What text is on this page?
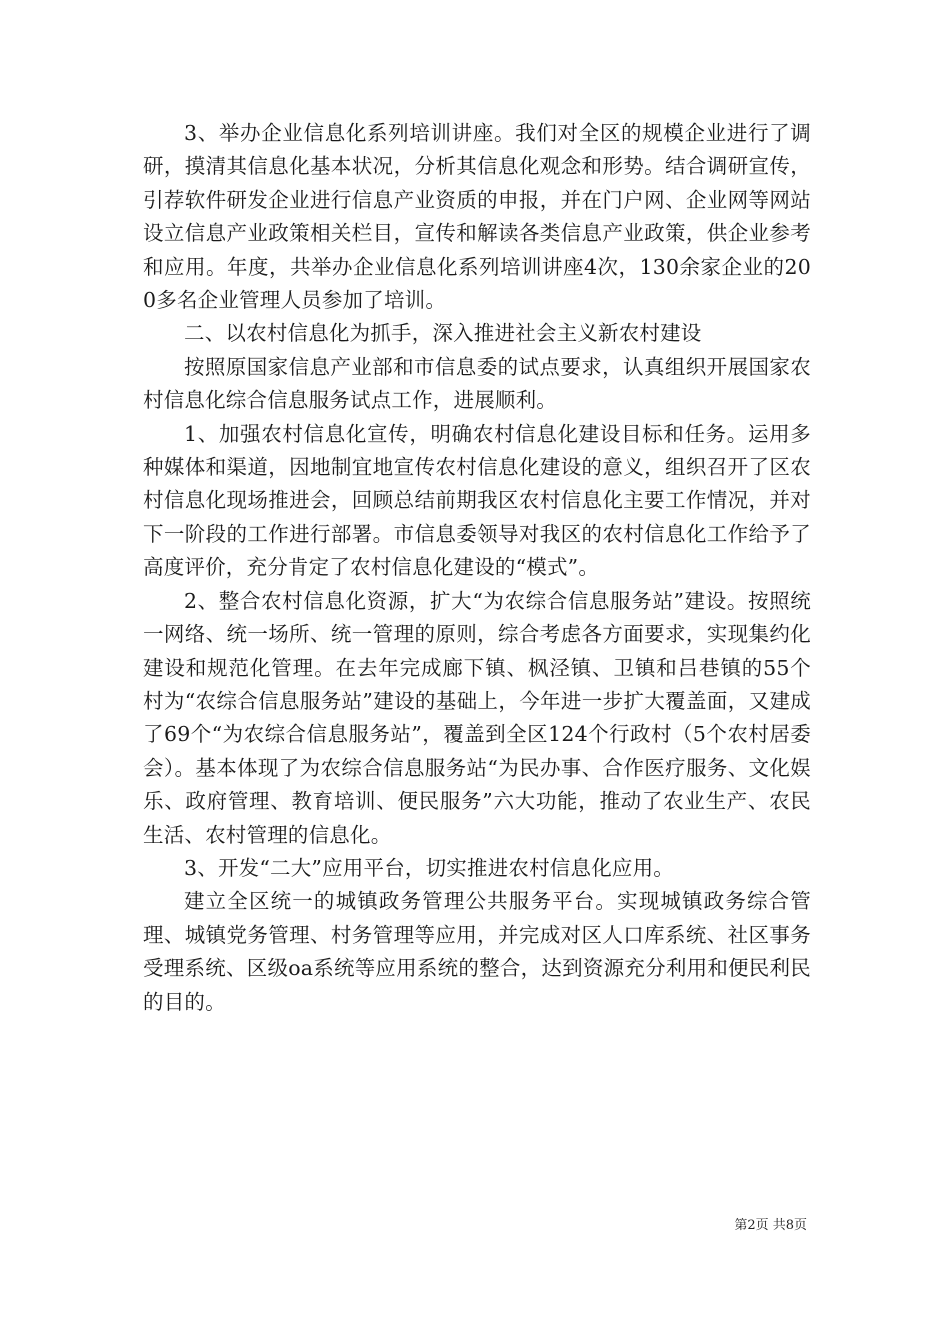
3、举办企业信息化系列培训讲座。我们对全区的规模企业进行了调研，摸清其信息化基本状况，分析其信息化观念和形势。结合调研宣传，引荐软件研发企业进行信息产业资质的申报，并在门户网、企业网等网站设立信息产业政策相关栏目，宣传和解读各类信息产业政策，供企业参考和应用。年度，共举办企业信息化系列培训讲座4次，130余家企业的200多名企业管理人员参加了培训。

二、以农村信息化为抓手，深入推进社会主义新农村建设

按照原国家信息产业部和市信息委的试点要求，认真组织开展国家农村信息化综合信息服务试点工作，进展顺利。

1、加强农村信息化宣传，明确农村信息化建设目标和任务。运用多种媒体和渠道，因地制宜地宣传农村信息化建设的意义，组织召开了区农村信息化现场推进会，回顾总结前期我区农村信息化主要工作情况，并对下一阶段的工作进行部署。市信息委领导对我区的农村信息化工作给予了高度评价，充分肯定了农村信息化建设的“模式”。

2、整合农村信息化资源，扩大“为农综合信息服务站”建设。按照统一网络、统一场所、统一管理的原则，综合考虑各方面要求，实现集约化建设和规范化管理。在去年完成廊下镇、枫泾镇、卫镇和吕巷镇的55个村为“农综合信息服务站”建设的基础上，今年进一步扩大覆盖面，又建成了69个“为农综合信息服务站”，覆盖到全区124个行政村（5个农村居委会）。基本体现了为农综合信息服务站“为民办事、合作医疗服务、文化娱乐、政府管理、教育培训、便民服务”六大功能，推动了农业生产、农民生活、农村管理的信息化。

3、开发“二大”应用平台，切实推进农村信息化应用。

建立全区统一的城镇政务管理公共服务平台。实现城镇政务综合管理、城镇党务管理、村务管理等应用，并完成对区人口库系统、社区事务受理系统、区级oa系统等应用系统的整合，达到资源充分利用和便民利民的目的。

第2页 共8页
